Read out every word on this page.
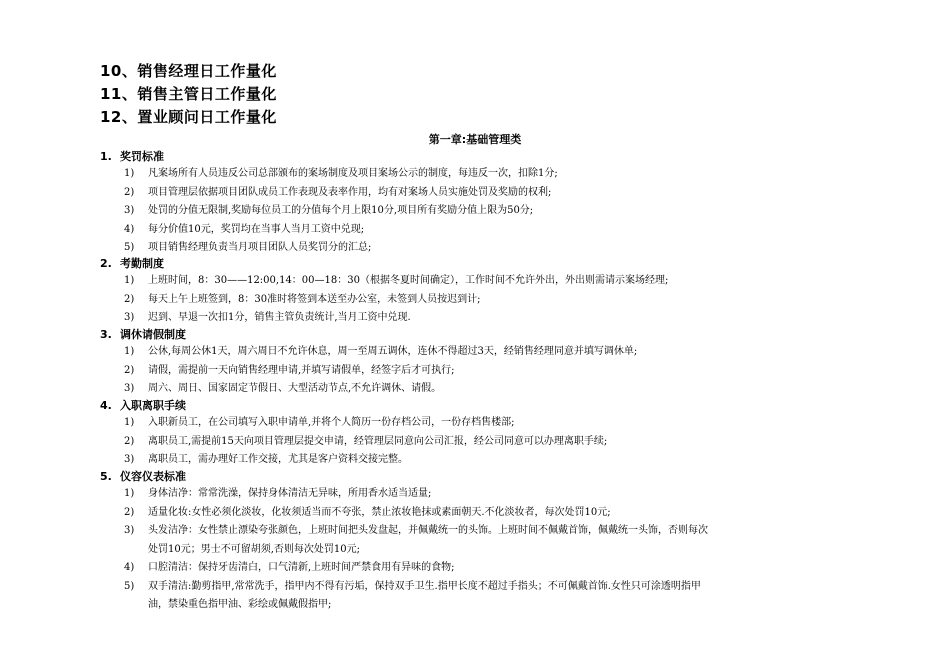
10、销售经理日工作量化
11、销售主管日工作量化
12、置业顾问日工作量化
第一章:基础管理类
1. 奖罚标准
1)	凡案场所有人员违反公司总部颁布的案场制度及项目案场公示的制度，每违反一次，扣除1分;
2)	项目管理层依据项目团队成员工作表现及表率作用，均有对案场人员实施处罚及奖励的权利;
3)	处罚的分值无限制,奖励每位员工的分值每个月上限10分,项目所有奖励分值上限为50分;
4)	每分价值10元，奖罚均在当事人当月工资中兑现;
5)	项目销售经理负责当月项目团队人员奖罚分的汇总;
2. 考勤制度
1)	上班时间，8：30——12:00,14：00—18：30（根据冬夏时间确定），工作时间不允许外出，外出则需请示案场经理;
2)	每天上午上班签到，8：30准时将签到本送至办公室，未签到人员按迟到计;
3)	迟到、早退一次扣1分，销售主管负责统计,当月工资中兑现.
3. 调休请假制度
1)	公休,每周公休1天，周六周日不允许休息，周一至周五调休，连休不得超过3天，经销售经理同意并填写调休单;
2)	请假，需提前一天向销售经理申请,并填写请假单，经签字后才可执行;
3)	周六、周日、国家固定节假日、大型活动节点,不允许调休、请假。
4. 入职离职手续
1)	入职新员工，在公司填写入职申请单,并将个人简历一份存档公司，一份存档售楼部;
2)	离职员工,需提前15天向项目管理层提交申请，经管理层同意向公司汇报，经公司同意可以办理离职手续;
3)	离职员工，需办理好工作交接，尤其是客户资料交接完整。
5. 仪容仪表标准
1)	身体洁净：常常洗澡，保持身体清洁无异味，所用香水适当适量;
2)	适量化妆:女性必须化淡妆，化妆须适当而不夸张，禁止浓妆艳抹或素面朝天.不化淡妆者，每次处罚10元;
3)	头发洁净：女性禁止漂染夸张颜色，上班时间把头发盘起，并佩戴统一的头饰。上班时间不佩戴首饰，佩戴统一头饰，否则每次
处罚10元；男士不可留胡须,否则每次处罚10元;
4)	口腔清洁：保持牙齿清白，口气清新,上班时间严禁食用有异味的食物;
5)	双手清洁:勤剪指甲,常常洗手，指甲内不得有污垢，保持双手卫生.指甲长度不超过手指头；不可佩戴首饰.女性只可涂透明指甲
油，禁染重色指甲油、彩绘或佩戴假指甲;
